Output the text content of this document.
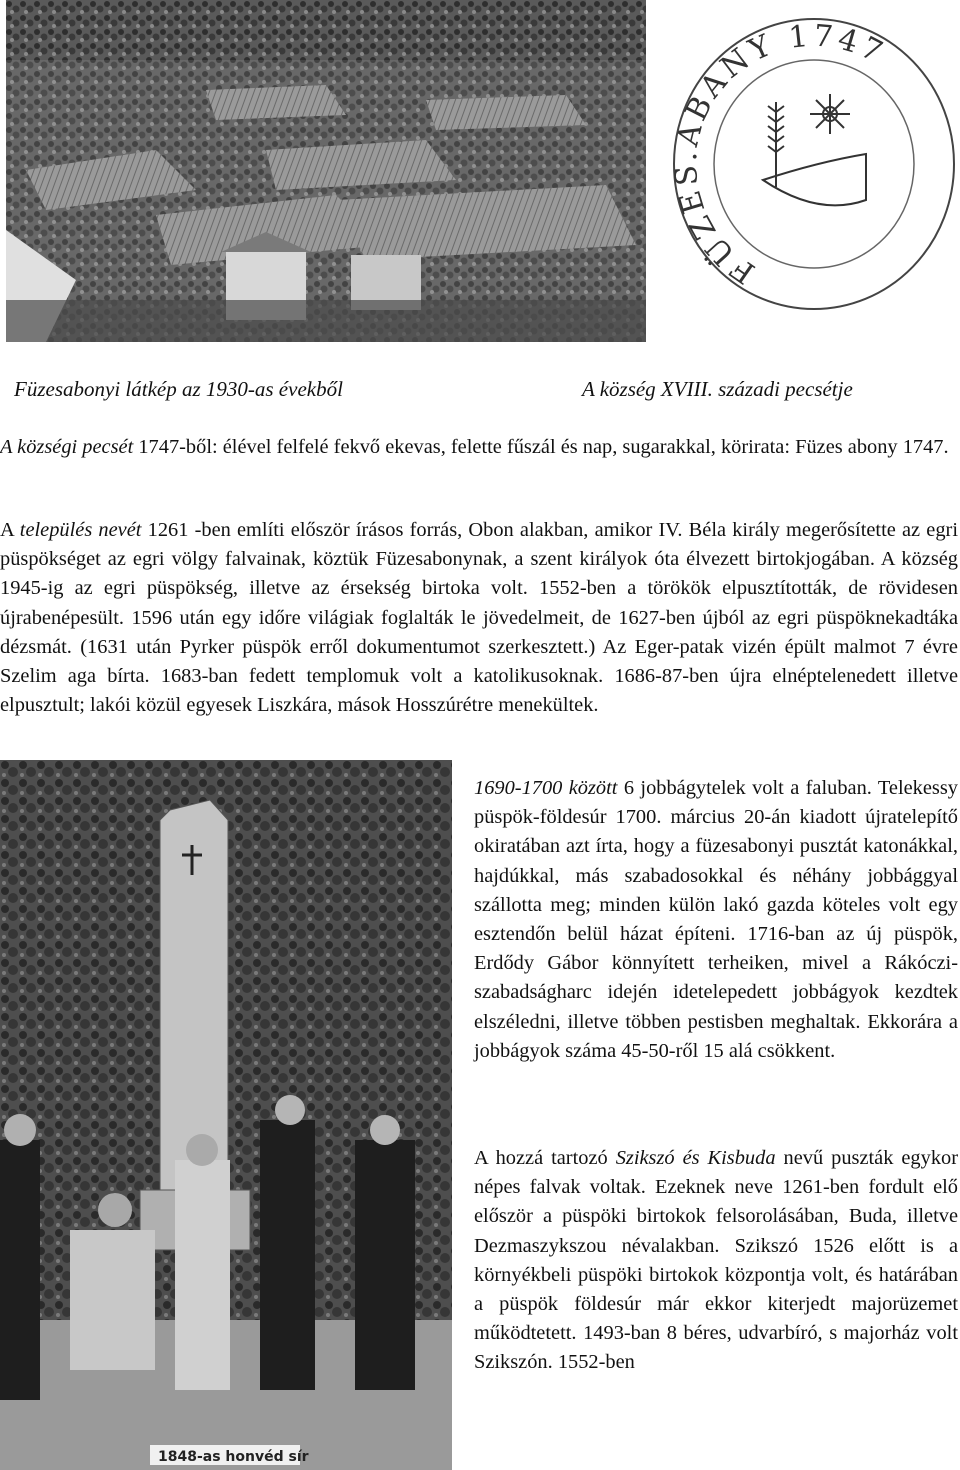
FÜZES.ABANY 1747

Füzesabonyi látkép az 1930-as évekből	A község XVIII. századi pecsétje

A községi pecsét 1747-ből: élével felfelé fekvő ekevas, felette fűszál és nap, sugarakkal, körirata: Füzes abony 1747.

A település nevét 1261 -ben említi először írásos forrás, Obon alakban, amikor IV. Béla király megerősítette az egri püspökséget az egri völgy falvainak, köztük Füzesabonynak, a szent királyok óta élvezett birtokjogában. A község 1945-ig az egri püspökség, illetve az érsekség birtoka volt. 1552-ben a törökök elpusztították, de rövidesen újrabenépesült. 1596 után egy időre világiak foglalták le jövedelmeit, de 1627-ben újból az egri püspöknekadtáka dézsmát. (1631 után Pyrker püspök erről dokumentumot szerkesztett.) Az Eger-patak vizén épült malmot 7 évre Szelim aga bírta. 1683-ban fedett templomuk volt a katolikusoknak. 1686-87-ben újra elnéptelenedett illetve elpusztult; lakói közül egyesek Liszkára, mások Hosszúrétre menekültek.

1848-as honvéd sír

1690-1700 között 6 jobbágytelek volt a faluban. Telekessy püspök-földesúr 1700. március 20-án kiadott újratelepítő okiratában azt írta, hogy a füzesabonyi pusztát katonákkal, hajdúkkal, más szabadosokkal és néhány jobbággyal szállotta meg; minden külön lakó gazda köteles volt egy esztendőn belül házat építeni. 1716-ban az új püspök, Erdődy Gábor könnyített terheiken, mivel a Rákóczi-szabadságharc idején idetelepedett jobbágyok kezdtek elszéledni, illetve többen pestisben meghaltak. Ekkorára a jobbágyok száma 45-50-ről 15 alá csökkent.

A hozzá tartozó Szikszó és Kisbuda nevű puszták egykor népes falvak voltak. Ezeknek neve 1261-ben fordult elő először a püspöki birtokok felsorolásában, Buda, illetve Dezmaszykszou névalakban. Szikszó 1526 előtt is a környékbeli püspöki birtokok központja volt, és határában a püspök földesúr már ekkor kiterjedt majorüzemet működtetett. 1493-ban 8 béres, udvarbíró, s majorház volt Szikszón. 1552-ben
